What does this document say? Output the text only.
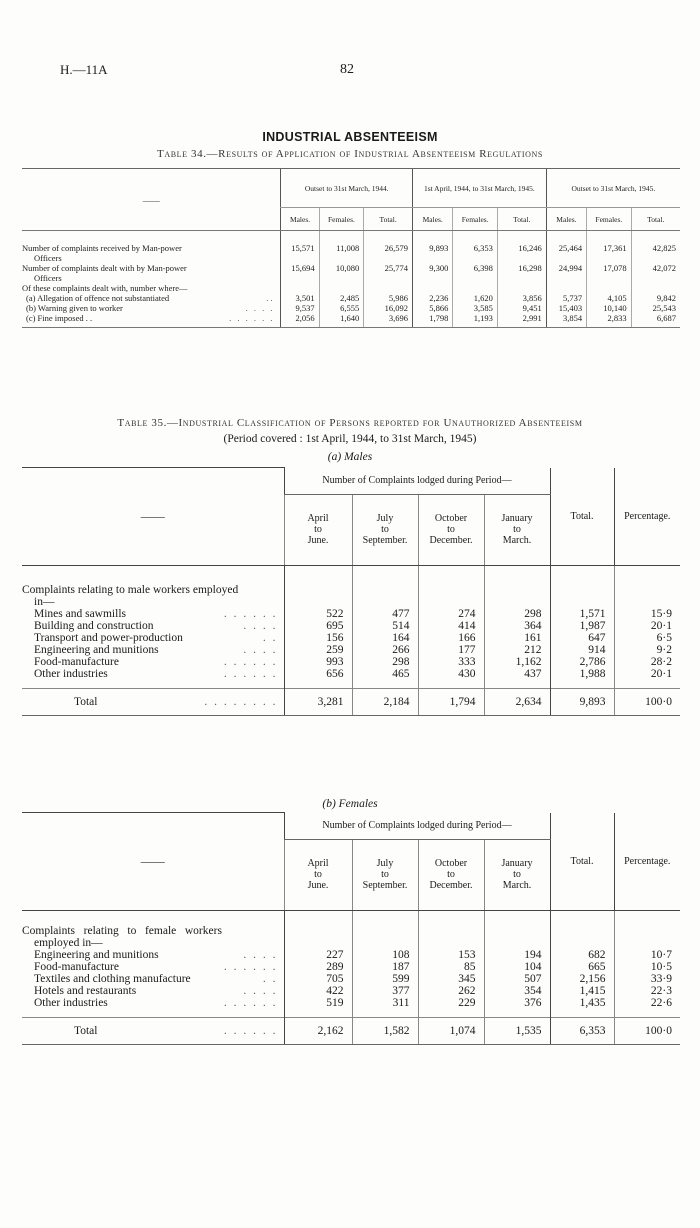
H.—11A	82
INDUSTRIAL ABSENTEEISM
Table 34.—Results of Application of Industrial Absenteeism Regulations
——	Outset to 31st March, 1944.			1st April, 1944, to 31st March, 1945.			Outset to 31st March, 1945.		
	Males.	Females.	Total.	Males.	Females.	Total.	Males.	Females.	Total.

Number of complaints received by Man-power	15,571	11,008	26,579	9,893	6,353	16,246	25,464	17,361	42,825
Officers									
Number of complaints dealt with by Man-power	15,694	10,080	25,774	9,300	6,398	16,298	24,994	17,078	42,072
Officers									
Of these complaints dealt with, number where—									

(a) Allegation of offence not substantiated ..	3,501	2,485	5,986	2,236	1,620	3,856	5,737	4,105	9,842

(b) Warning given to worker . . . .	9,537	6,555	16,092	5,866	3,585	9,451	15,403	10,140	25,543

(c) Fine imposed . . . . . . . .	2,056	1,640	3,696	1,798	1,193	2,991	3,854	2,833	6,687

Table 35.—Industrial Classification of Persons reported for Unauthorized Absenteeism
(Period covered : 1st April, 1944, to 31st March, 1945)
(a) Males
——	Number of Complaints lodged during Period—				Total.	Percentage.
	April
to
June.	July
to
September.	October
to
December.	January
to
March.		

Complaints relating to male workers employed						
in—						

Mines and sawmills . . . . . .	522	477	274	298	1,571	15·9

Building and construction . . . .	695	514	414	364	1,987	20·1

Transport and power-production . .	156	164	166	161	647	6·5

Engineering and munitions . . . .	259	266	177	212	914	9·2

Food-manufacture . . . . . .	993	298	333	1,162	2,786	28·2

Other industries . . . . . .	656	465	430	437	1,988	20·1

Total . . . . . . . .	3,281	2,184	1,794	2,634	9,893	100·0
(b) Females
——	Number of Complaints lodged during Period—				Total.	Percentage.
	April
to
June.	July
to
September.	October
to
December.	January
to
March.		

Complaints   relating   to   female   workers						
employed in—						

Engineering and munitions . . . .	227	108	153	194	682	10·7

Food-manufacture . . . . . .	289	187	85	104	665	10·5

Textiles and clothing manufacture . .	705	599	345	507	2,156	33·9

Hotels and restaurants . . . .	422	377	262	354	1,415	22·3

Other industries . . . . . .	519	311	229	376	1,435	22·6

Total . . . . . .	2,162	1,582	1,074	1,535	6,353	100·0
